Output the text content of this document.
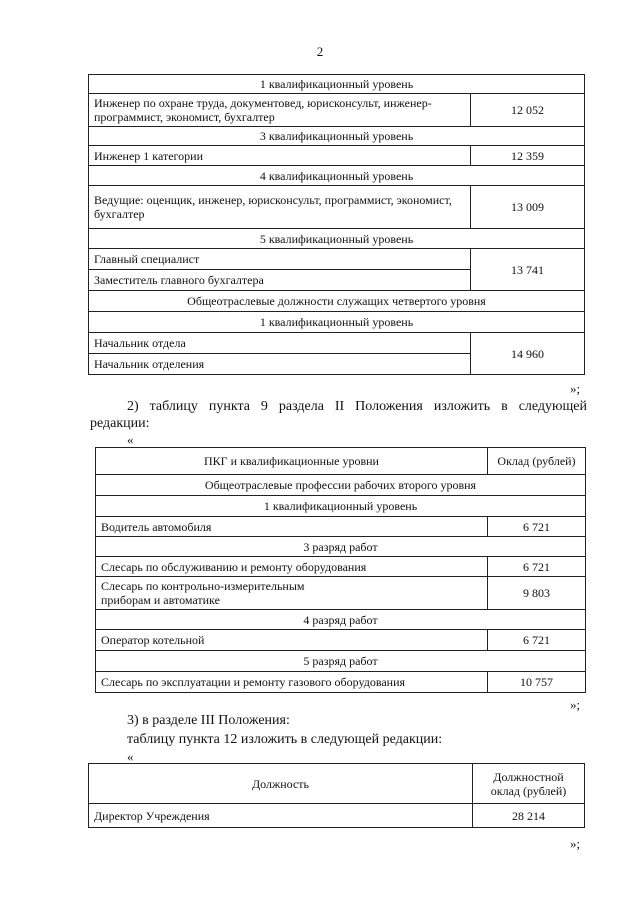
2
1 квалификационный уровень	
Инженер по охране труда, документовед, юрисконсульт, инженер-программист, экономист, бухгалтер	12 052
3 квалификационный уровень	
Инженер 1 категории	12 359
4 квалификационный уровень	
Ведущие: оценщик, инженер, юрисконсульт, программист, экономист, бухгалтер	13 009
5 квалификационный уровень	
Главный специалист	13 741
Заместитель главного бухгалтера	
Общеотраслевые должности служащих четвертого уровня	
1 квалификационный уровень	
Начальник отдела	14 960
Начальник отделения	
»;
2) таблицу пункта 9 раздела II Положения изложить в следующей редакции:
«
ПКГ и квалификационные уровни	Оклад (рублей)
Общеотраслевые профессии рабочих второго уровня	
1 квалификационный уровень	
Водитель автомобиля	6 721
3 разряд работ	
Слесарь по обслуживанию и ремонту оборудования	6 721
Слесарь по контрольно-измерительным приборам и автоматике	9 803
4 разряд работ	
Оператор котельной	6 721
5 разряд работ	
Слесарь по эксплуатации и ремонту газового оборудования	10 757
»;
3) в разделе III Положения:
таблицу пункта 12 изложить в следующей редакции:
«
Должность	Должностной оклад (рублей)
Директор Учреждения	28 214
»;
